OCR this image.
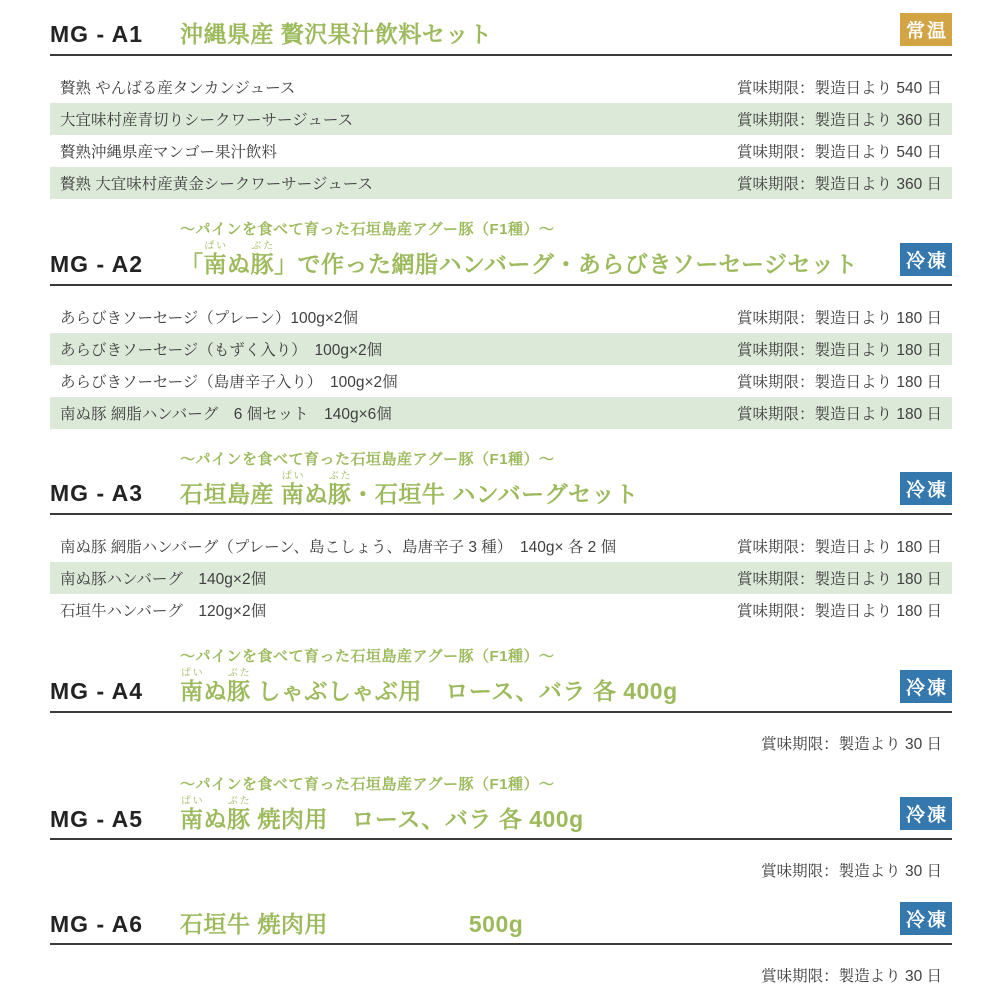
MG - A1	沖縄県産 贅沢果汁飲料セット	常温
贅熟 やんばる産タンカンジュース	賞味期限：製造日より 540 日
大宜味村産青切りシークワーサージュース	賞味期限：製造日より 360 日
贅熟沖縄県産マンゴー果汁飲料	賞味期限：製造日より 540 日
贅熟 大宜味村産黄金シークワーサージュース	賞味期限：製造日より 360 日
～パインを食べて育った石垣島産アグー豚（F1種）～
MG - A2	「南ぱいぬ豚ぶた」で作った網脂ハンバーグ・あらびきソーセージセット	冷凍
あらびきソーセージ（プレーン）100g×2個	賞味期限：製造日より 180 日
あらびきソーセージ（もずく入り）　100g×2個	賞味期限：製造日より 180 日
あらびきソーセージ（島唐辛子入り）　100g×2個	賞味期限：製造日より 180 日
南ぬ豚 網脂ハンバーグ　6 個セット　140g×6個	賞味期限：製造日より 180 日
～パインを食べて育った石垣島産アグー豚（F1種）～
MG - A3	石垣島産 南ぱいぬ豚ぶた・石垣牛 ハンバーグセット	冷凍
南ぬ豚 網脂ハンバーグ（プレーン、島こしょう、島唐辛子 3 種）　140g× 各 2 個	賞味期限：製造日より 180 日
南ぬ豚ハンバーグ　140g×2個	賞味期限：製造日より 180 日
石垣牛ハンバーグ　120g×2個	賞味期限：製造日より 180 日
～パインを食べて育った石垣島産アグー豚（F1種）～
MG - A4	南ぱいぬ豚ぶた しゃぶしゃぶ用　ロース、バラ 各 400g	冷凍
賞味期限：製造より 30 日
～パインを食べて育った石垣島産アグー豚（F1種）～
MG - A5	南ぱいぬ豚ぶた 焼肉用　ロース、バラ 各 400g	冷凍
賞味期限：製造より 30 日
MG - A6	石垣牛 焼肉用　　　　　　500g	冷凍
賞味期限：製造より 30 日
